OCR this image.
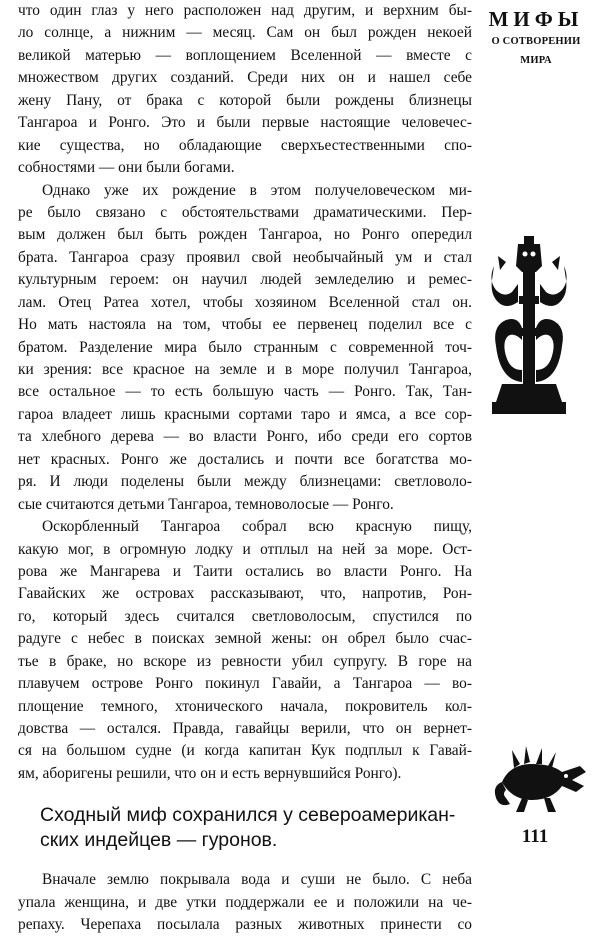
что один глаз у него расположен над другим, и верхним бы-
ло солнце, а нижним — месяц. Сам он был рожден некоей
великой матерью — воплощением Вселенной — вместе с
множеством других созданий. Среди них он и нашел себе
жену Пану, от брака с которой были рождены близнецы
Тангароа и Ронго. Это и были первые настоящие человечес-
кие существа, но обладающие сверхъестественными спо-
собностями — они были богами.
Однако уже их рождение в этом получеловеческом ми-
ре было связано с обстоятельствами драматическими. Пер-
вым должен был быть рожден Тангароа, но Ронго опередил
брата. Тангароа сразу проявил свой необычайный ум и стал
культурным героем: он научил людей земледелию и ремес-
лам. Отец Ратеа хотел, чтобы хозяином Вселенной стал он.
Но мать настояла на том, чтобы ее первенец поделил все с
братом. Разделение мира было странным с современной точ-
ки зрения: все красное на земле и в море получил Тангароа,
все остальное — то есть большую часть — Ронго. Так, Тан-
гароа владеет лишь красными сортами таро и ямса, а все сор-
та хлебного дерева — во власти Ронго, ибо среди его сортов
нет красных. Ронго же достались и почти все богатства мо-
ря. И люди поделены были между близнецами: светловоло-
сые считаются детьми Тангароа, темноволосые — Ронго.
Оскорбленный Тангароа собрал всю красную пищу,
какую мог, в огромную лодку и отплыл на ней за море. Ост-
рова же Мангарева и Таити остались во власти Ронго. На
Гавайских же островах рассказывают, что, напротив, Рон-
го, который здесь считался светловолосым, спустился по
радуге с небес в поисках земной жены: он обрел было счас-
тье в браке, но вскоре из ревности убил супругу. В горе на
плавучем острове Ронго покинул Гавайи, а Тангароа — во-
площение темного, хтонического начала, покровитель кол-
довства — остался. Правда, гавайцы верили, что он вернет-
ся на большом судне (и когда капитан Кук подплыл к Гавай-
ям, аборигены решили, что он и есть вернувшийся Ронго).
Сходный миф сохранился у североамерикан-
ских индейцев — гуронов.
Вначале землю покрывала вода и суши не было. С неба
упала женщина, и две утки поддержали ее и положили на че-
репаху. Черепаха посылала разных животных принести со
МИФЫ
О СОТВОРЕНИИ
МИРА
111
